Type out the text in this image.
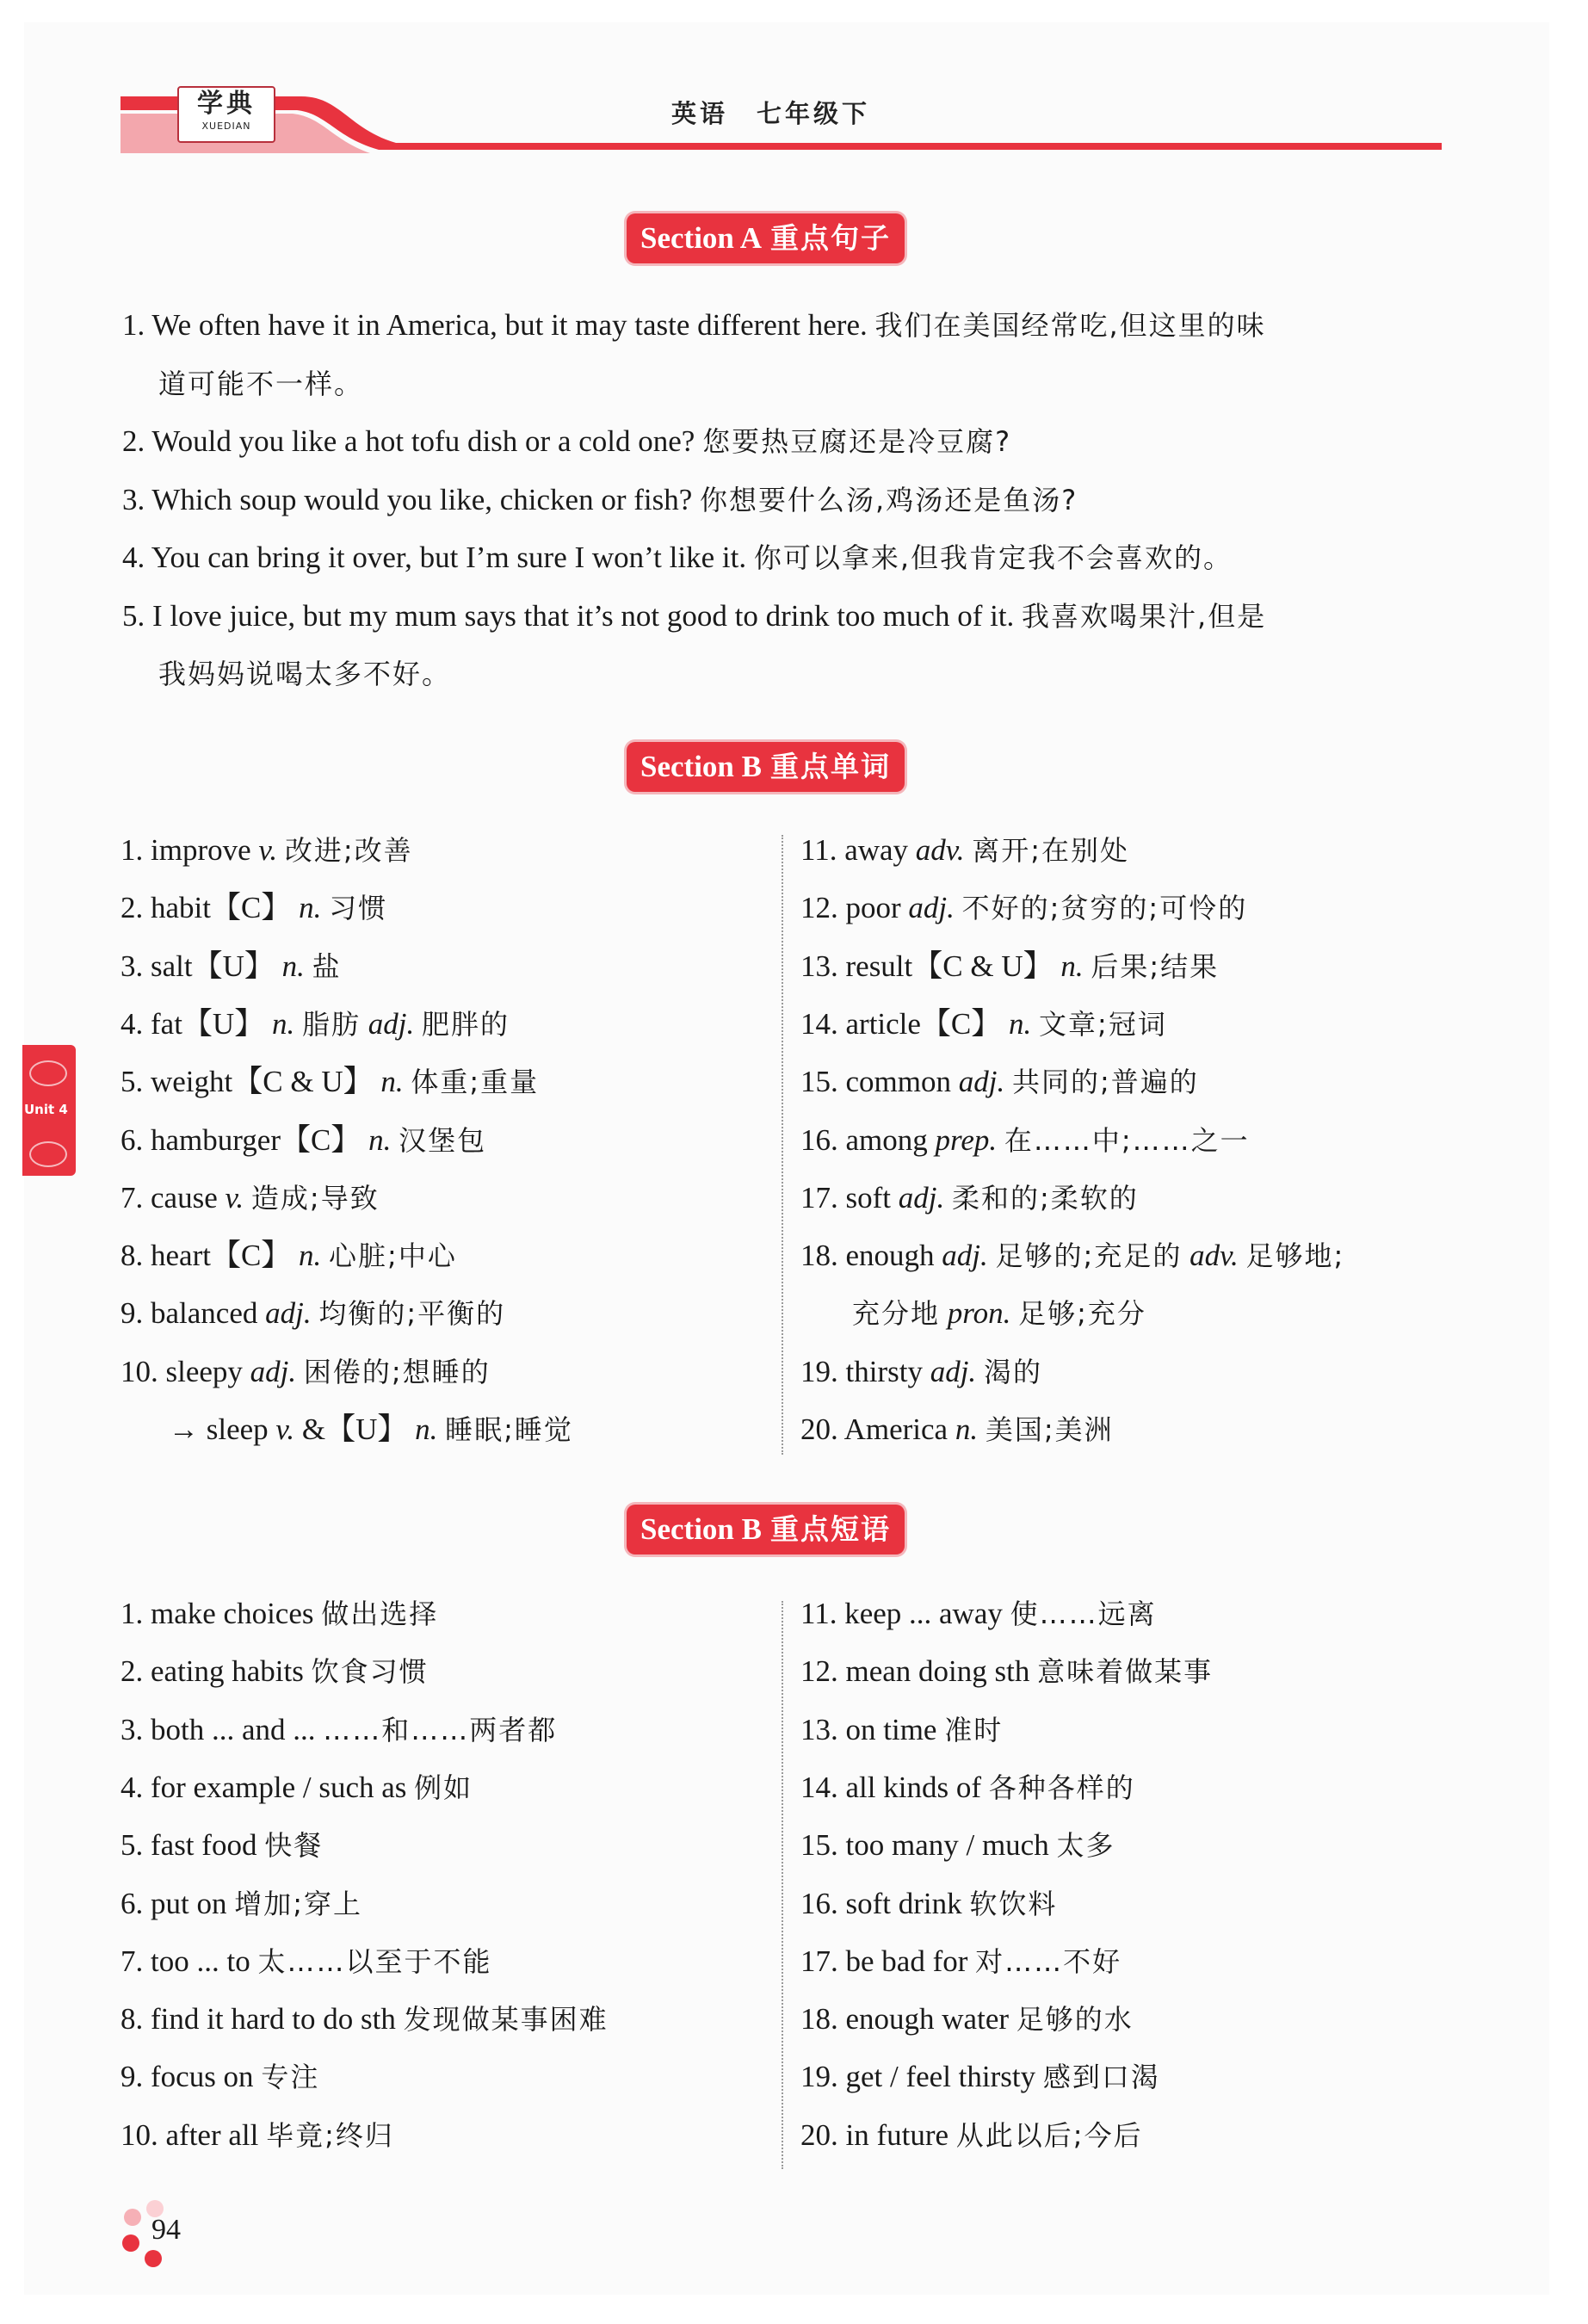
学典
XUEDIAN	英语　七年级下
Unit 4
Section A 重点句子
1. We often have it in America, but it may taste different here. 我们在美国经常吃,但这里的味
道可能不一样。
2. Would you like a hot tofu dish or a cold one? 您要热豆腐还是冷豆腐?
3. Which soup would you like, chicken or fish? 你想要什么汤,鸡汤还是鱼汤?
4. You can bring it over, but I’m sure I won’t like it. 你可以拿来,但我肯定我不会喜欢的。
5. I love juice, but my mum says that it’s not good to drink too much of it. 我喜欢喝果汁,但是
我妈妈说喝太多不好。
Section B 重点单词
1. improve v. 改进;改善
2. habit【C】 n. 习惯
3. salt【U】 n. 盐
4. fat【U】 n. 脂肪 adj. 肥胖的
5. weight【C & U】 n. 体重;重量
6. hamburger【C】 n. 汉堡包
7. cause v. 造成;导致
8. heart【C】 n. 心脏;中心
9. balanced adj. 均衡的;平衡的
10. sleepy adj. 困倦的;想睡的
→ sleep v. &【U】 n. 睡眠;睡觉
11. away adv. 离开;在别处
12. poor adj. 不好的;贫穷的;可怜的
13. result【C & U】 n. 后果;结果
14. article【C】 n. 文章;冠词
15. common adj. 共同的;普遍的
16. among prep. 在……中;……之一
17. soft adj. 柔和的;柔软的
18. enough adj. 足够的;充足的 adv. 足够地;
充分地 pron. 足够;充分
19. thirsty adj. 渴的
20. America n. 美国;美洲
Section B 重点短语
1. make choices 做出选择
2. eating habits 饮食习惯
3. both ... and ... ……和……两者都
4. for example / such as 例如
5. fast food 快餐
6. put on 增加;穿上
7. too ... to 太……以至于不能
8. find it hard to do sth 发现做某事困难
9. focus on 专注
10. after all 毕竟;终归
11. keep ... away 使……远离
12. mean doing sth 意味着做某事
13. on time 准时
14. all kinds of 各种各样的
15. too many / much 太多
16. soft drink 软饮料
17. be bad for 对……不好
18. enough water 足够的水
19. get / feel thirsty 感到口渴
20. in future 从此以后;今后
94
